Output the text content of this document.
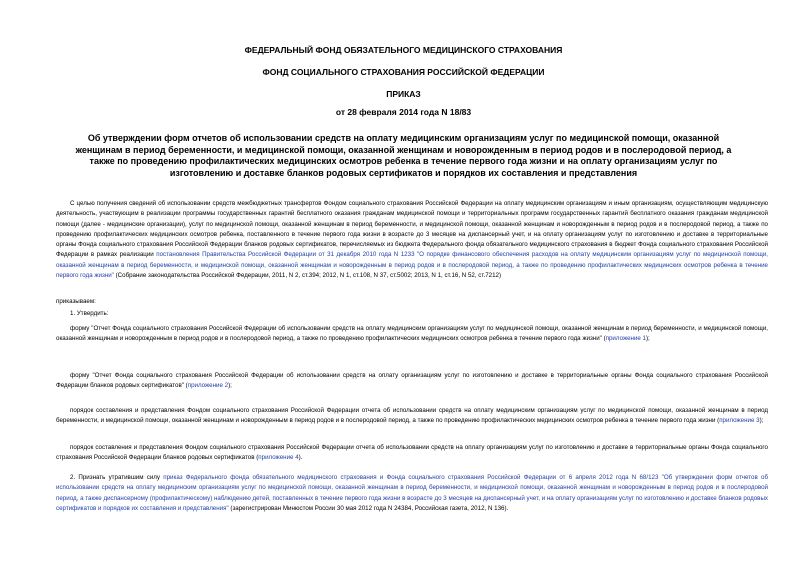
ФЕДЕРАЛЬНЫЙ ФОНД ОБЯЗАТЕЛЬНОГО МЕДИЦИНСКОГО СТРАХОВАНИЯ
ФОНД СОЦИАЛЬНОГО СТРАХОВАНИЯ РОССИЙСКОЙ ФЕДЕРАЦИИ
ПРИКАЗ
от 28 февраля 2014 года N 18/83
Об утверждении форм отчетов об использовании средств на оплату медицинским организациям услуг по медицинской помощи, оказанной женщинам в период беременности, и медицинской помощи, оказанной женщинам и новорожденным в период родов и в послеродовой период, а также по проведению профилактических медицинских осмотров ребенка в течение первого года жизни и на оплату организациям услуг по изготовлению и доставке бланков родовых сертификатов и порядков их составления и представления

С целью получения сведений об использовании средств межбюджетных трансфертов Фондом социального страхования Российской Федерации на оплату медицинским организациям и иным организациям, осуществляющим медицинскую деятельность, участвующим в реализации программы государственных гарантий бесплатного оказания гражданам медицинской помощи и территориальных программ государственных гарантий бесплатного оказания гражданам медицинской помощи (далее - медицинские организации), услуг по медицинской помощи, оказанной женщинам в период беременности, и медицинской помощи, оказанной женщинам и новорожденным в период родов и в послеродовой период, а также по проведению профилактических медицинских осмотров ребенка, поставленного в течение первого года жизни в возрасте до 3 месяцев на диспансерный учет, и на оплату организациям услуг по изготовлению и доставке в территориальные органы Фонда социального страхования Российской Федерации бланков родовых сертификатов, перечисляемых из бюджета Федерального фонда обязательного медицинского страхования в бюджет Фонда социального страхования Российской Федерации в рамках реализации постановления Правительства Российской Федерации от 31 декабря 2010 года N 1233 "О порядке финансового обеспечения расходов на оплату медицинским организациям услуг по медицинской помощи, оказанной женщинам в период беременности, и медицинской помощи, оказанной женщинам и новорожденным в период родов и в послеродовой период, а также по проведению профилактических медицинских осмотров ребенка в течение первого года жизни" (Собрание законодательства Российской Федерации, 2011, N 2, ст.394; 2012, N 1, ст.108, N 37, ст.5002; 2013, N 1, ст.16, N 52, ст.7212)

приказываем:

1. Утвердить:

форму "Отчет Фонда социального страхования Российской Федерации об использовании средств на оплату медицинским организациям услуг по медицинской помощи, оказанной женщинам в период беременности, и медицинской помощи, оказанной женщинам и новорожденным в период родов и в послеродовой период, а также по проведению профилактических медицинских осмотров ребенка в течение первого года жизни" (приложение 1);

форму "Отчет Фонда социального страхования Российской Федерации об использовании средств на оплату организациям услуг по изготовлению и доставке в территориальные органы Фонда социального страхования Российской Федерации бланков родовых сертификатов" (приложение 2);

порядок составления и представления Фондом социального страхования Российской Федерации отчета об использовании средств на оплату медицинским организациям услуг по медицинской помощи, оказанной женщинам в период беременности, и медицинской помощи, оказанной женщинам и новорожденным в период родов и в послеродовой период, а также по проведению профилактических медицинских осмотров ребенка в течение первого года жизни (приложение 3);

порядок составления и представления Фондом социального страхования Российской Федерации отчета об использовании средств на оплату организациям услуг по изготовлению и доставке в территориальные органы Фонда социального страхования Российской Федерации бланков родовых сертификатов (приложение 4).

2. Признать утратившим силу приказ Федерального фонда обязательного медицинского страхования и Фонда социального страхования Российской Федерации от 6 апреля 2012 года N 68/123 "Об утверждении форм отчетов об использовании средств на оплату медицинским организациям услуг по медицинской помощи, оказанной женщинам в период беременности, и медицинской помощи, оказанной женщинам и новорожденным в период родов и в послеродовой период, а также диспансерному (профилактическому) наблюдению детей, поставленных в течение первого года жизни в возрасте до 3 месяцев на диспансерный учет, и на оплату организациям услуг по изготовлению и доставке бланков родовых сертификатов и порядков их составления и представления" (зарегистрирован Минюстом России 30 мая 2012 года N 24384, Российская газета, 2012, N 136).
